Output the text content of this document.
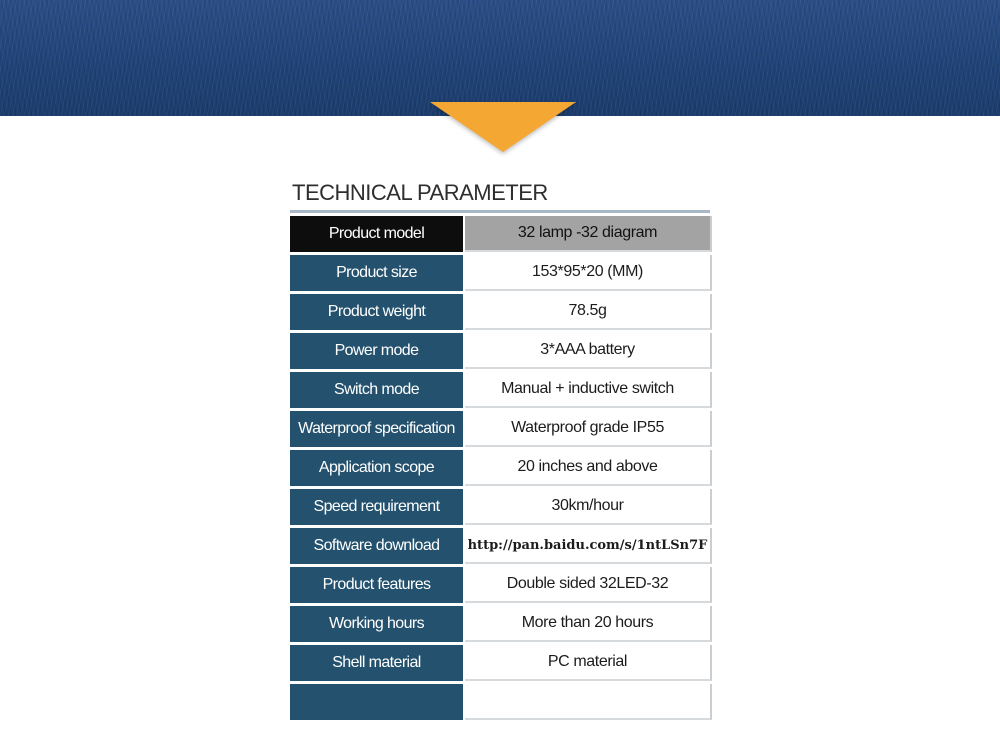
TECHNICAL PARAMETER
Product model	32 lamp -32 diagram
Product size	153*95*20 (MM)
Product weight	78.5g
Power mode	3*AAA battery
Switch mode	Manual + inductive switch
Waterproof specification	Waterproof grade IP55
Application scope	20 inches and above
Speed requirement	30km/hour
Software download	http://pan.baidu.com/s/1ntLSn7F
Product features	Double sided 32LED-32
Working hours	More than 20 hours
Shell material	PC material
